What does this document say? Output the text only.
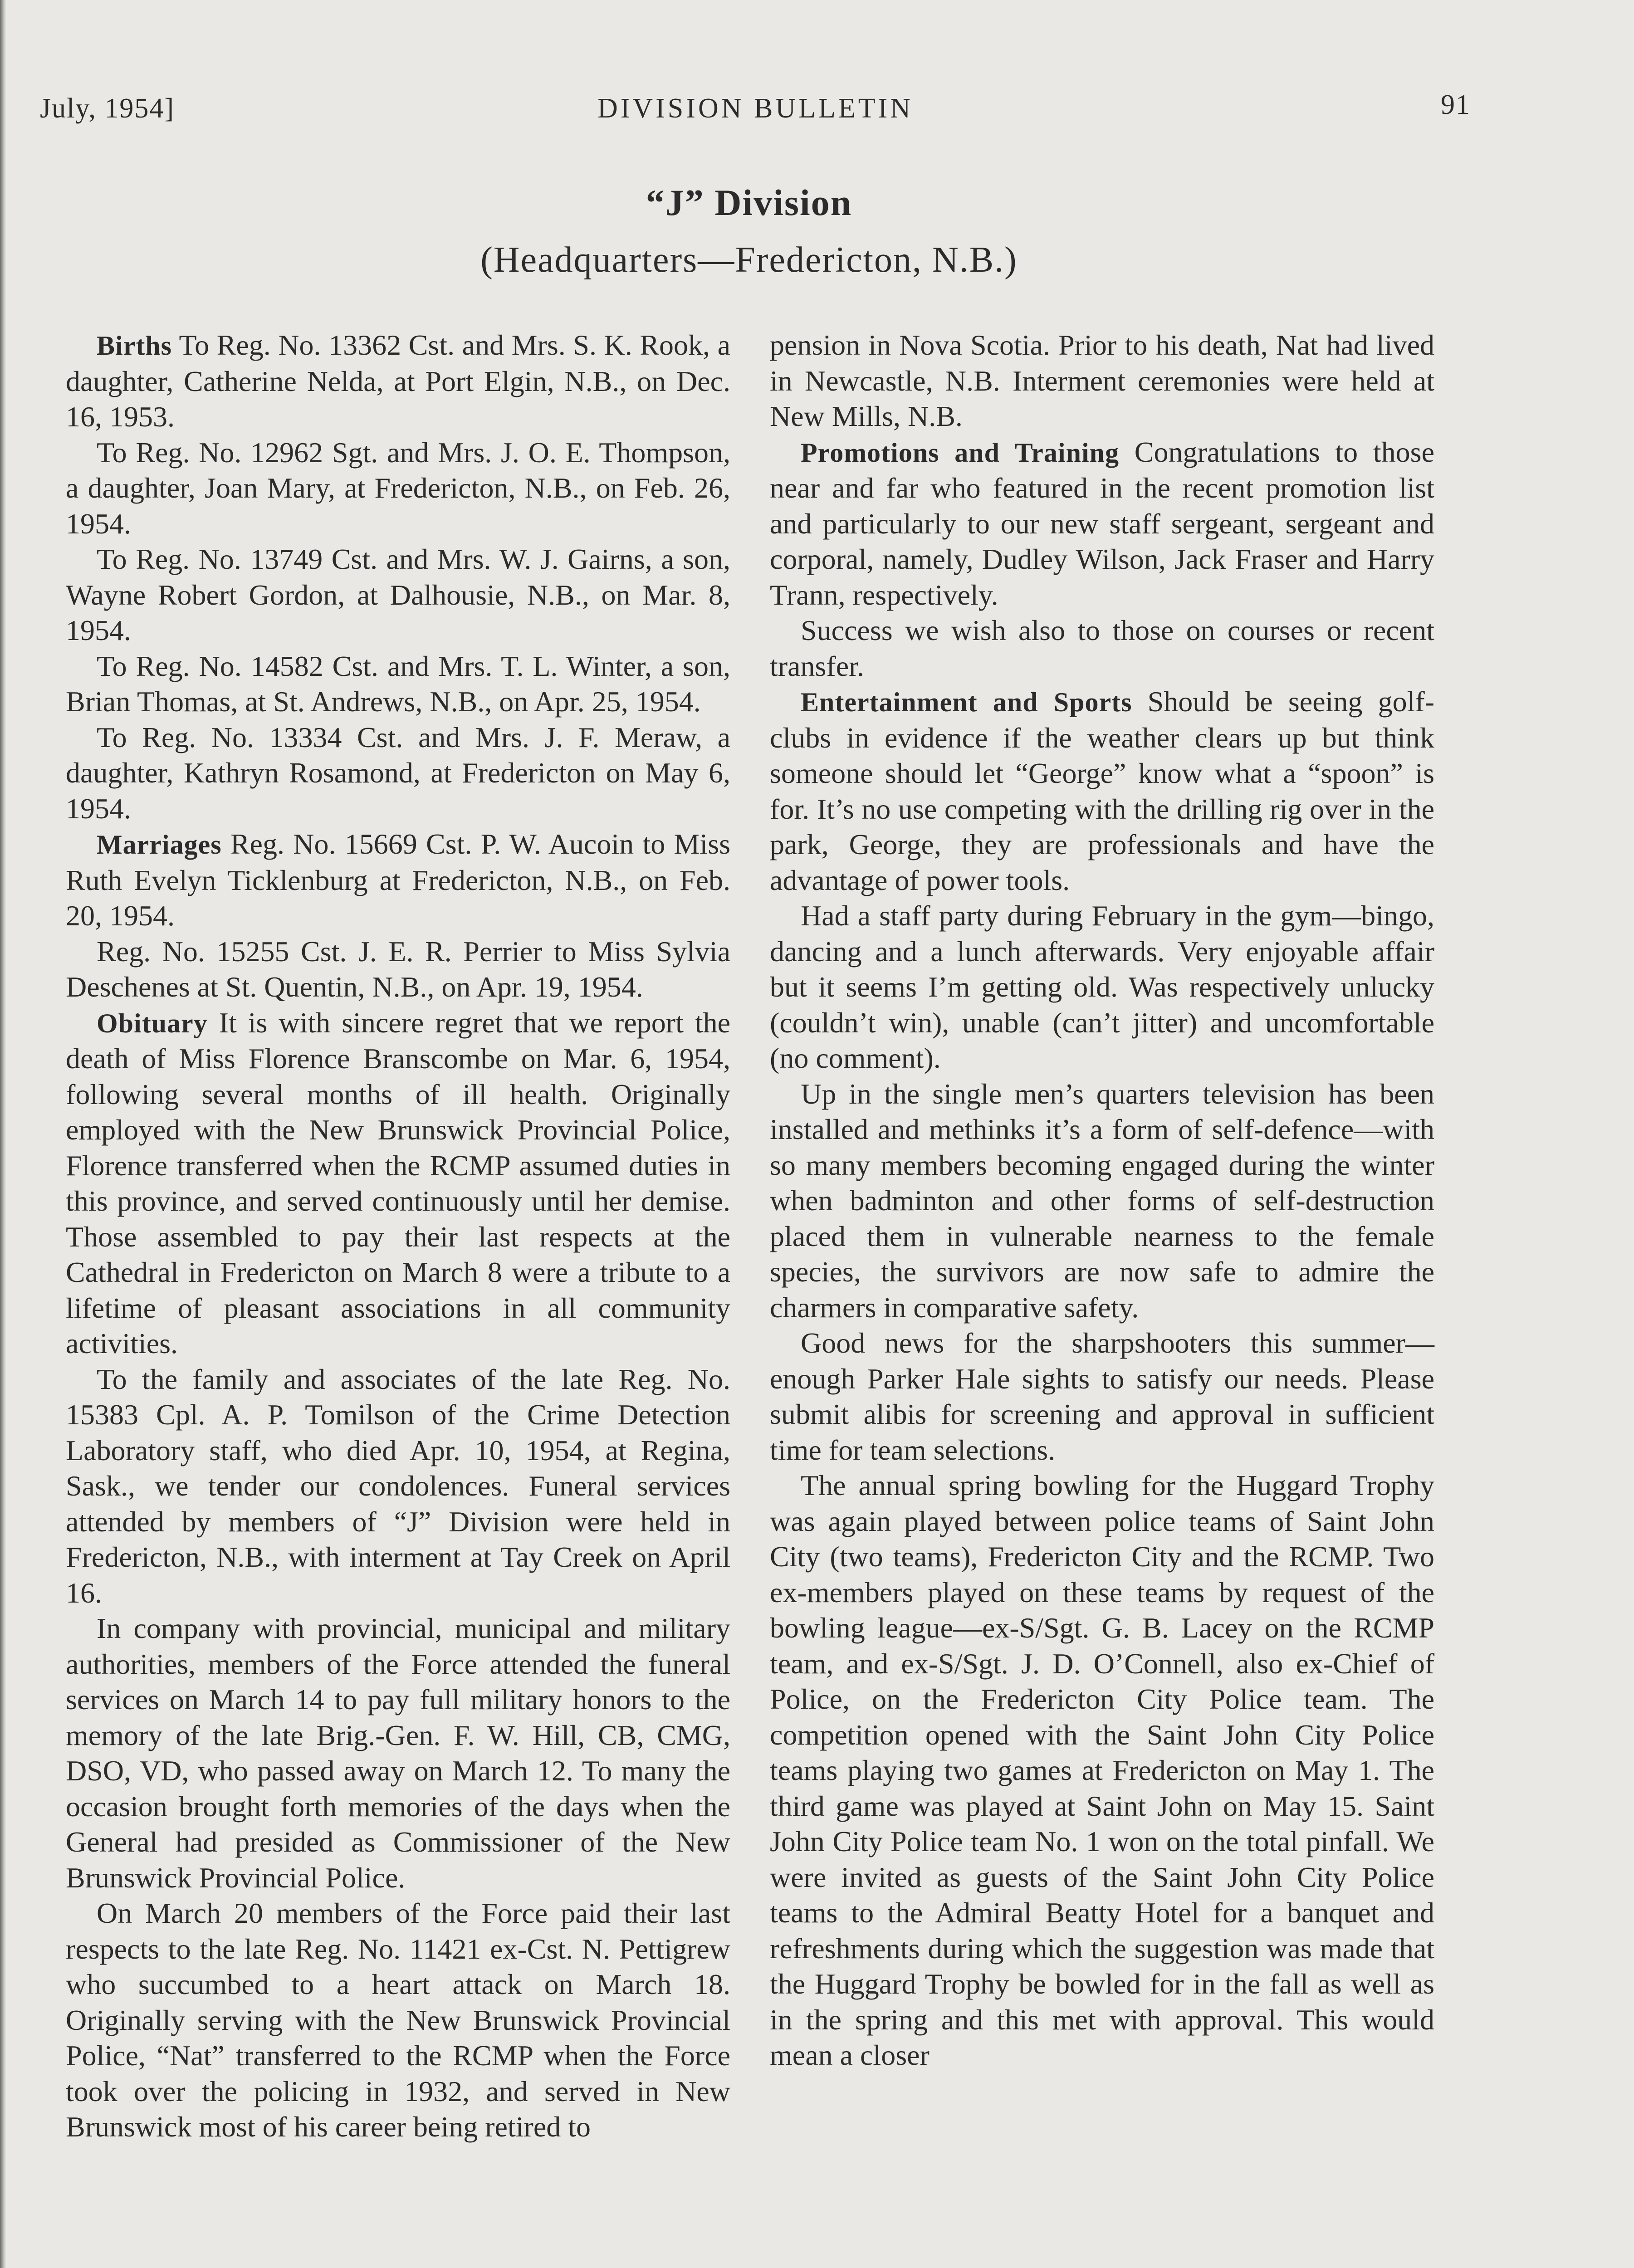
July, 1954]	DIVISION BULLETIN	91
“J” Division
(Headquarters—Fredericton, N.B.)

Births To Reg. No. 13362 Cst. and Mrs. S. K. Rook, a daughter, Catherine Nelda, at Port Elgin, N.B., on Dec. 16, 1953.

To Reg. No. 12962 Sgt. and Mrs. J. O. E. Thompson, a daughter, Joan Mary, at Fredericton, N.B., on Feb. 26, 1954.

To Reg. No. 13749 Cst. and Mrs. W. J. Gairns, a son, Wayne Robert Gordon, at Dalhousie, N.B., on Mar. 8, 1954.

To Reg. No. 14582 Cst. and Mrs. T. L. Winter, a son, Brian Thomas, at St. Andrews, N.B., on Apr. 25, 1954.

To Reg. No. 13334 Cst. and Mrs. J. F. Meraw, a daughter, Kathryn Rosamond, at Fredericton on May 6, 1954.

Marriages Reg. No. 15669 Cst. P. W. Aucoin to Miss Ruth Evelyn Ticklenburg at Fredericton, N.B., on Feb. 20, 1954.

Reg. No. 15255 Cst. J. E. R. Perrier to Miss Sylvia Deschenes at St. Quentin, N.B., on Apr. 19, 1954.

Obituary It is with sincere regret that we report the death of Miss Florence Branscombe on Mar. 6, 1954, following several months of ill health. Originally employed with the New Brunswick Provincial Police, Florence transferred when the RCMP assumed duties in this province, and served continuously until her demise. Those assembled to pay their last respects at the Cathedral in Fredericton on March 8 were a tribute to a lifetime of pleasant associations in all community activities.

To the family and associates of the late Reg. No. 15383 Cpl. A. P. Tomilson of the Crime Detection Laboratory staff, who died Apr. 10, 1954, at Regina, Sask., we tender our condolences. Funeral services attended by members of “J” Division were held in Fredericton, N.B., with interment at Tay Creek on April 16.

In company with provincial, municipal and military authorities, members of the Force attended the funeral services on March 14 to pay full military honors to the memory of the late Brig.-Gen. F. W. Hill, CB, CMG, DSO, VD, who passed away on March 12. To many the occasion brought forth memories of the days when the General had presided as Commissioner of the New Brunswick Provincial Police.

On March 20 members of the Force paid their last respects to the late Reg. No. 11421 ex-Cst. N. Pettigrew who succumbed to a heart attack on March 18. Originally serving with the New Brunswick Provincial Police, “Nat” transferred to the RCMP when the Force took over the policing in 1932, and served in New Brunswick most of his career being retired to

pension in Nova Scotia. Prior to his death, Nat had lived in Newcastle, N.B. Interment ceremonies were held at New Mills, N.B.

Promotions and Training Congratulations to those near and far who featured in the recent promotion list and particularly to our new staff sergeant, sergeant and corporal, namely, Dudley Wilson, Jack Fraser and Harry Trann, respectively.

Success we wish also to those on courses or recent transfer.

Entertainment and Sports Should be seeing golf-clubs in evidence if the weather clears up but think someone should let “George” know what a “spoon” is for. It’s no use competing with the drilling rig over in the park, George, they are professionals and have the advantage of power tools.

Had a staff party during February in the gym—bingo, dancing and a lunch afterwards. Very enjoyable affair but it seems I’m getting old. Was respectively unlucky (couldn’t win), unable (can’t jitter) and uncomfortable (no comment).

Up in the single men’s quarters television has been installed and methinks it’s a form of self-defence—with so many members becoming engaged during the winter when badminton and other forms of self-destruction placed them in vulnerable nearness to the female species, the survivors are now safe to admire the charmers in comparative safety.

Good news for the sharpshooters this summer—enough Parker Hale sights to satisfy our needs. Please submit alibis for screening and approval in sufficient time for team selections.

The annual spring bowling for the Huggard Trophy was again played between police teams of Saint John City (two teams), Fredericton City and the RCMP. Two ex-members played on these teams by request of the bowling league—ex-S/Sgt. G. B. Lacey on the RCMP team, and ex-S/Sgt. J. D. O’Connell, also ex-Chief of Police, on the Fredericton City Police team. The competition opened with the Saint John City Police teams playing two games at Fredericton on May 1. The third game was played at Saint John on May 15. Saint John City Police team No. 1 won on the total pinfall. We were invited as guests of the Saint John City Police teams to the Admiral Beatty Hotel for a banquet and refreshments during which the suggestion was made that the Huggard Trophy be bowled for in the fall as well as in the spring and this met with approval. This would mean a closer
